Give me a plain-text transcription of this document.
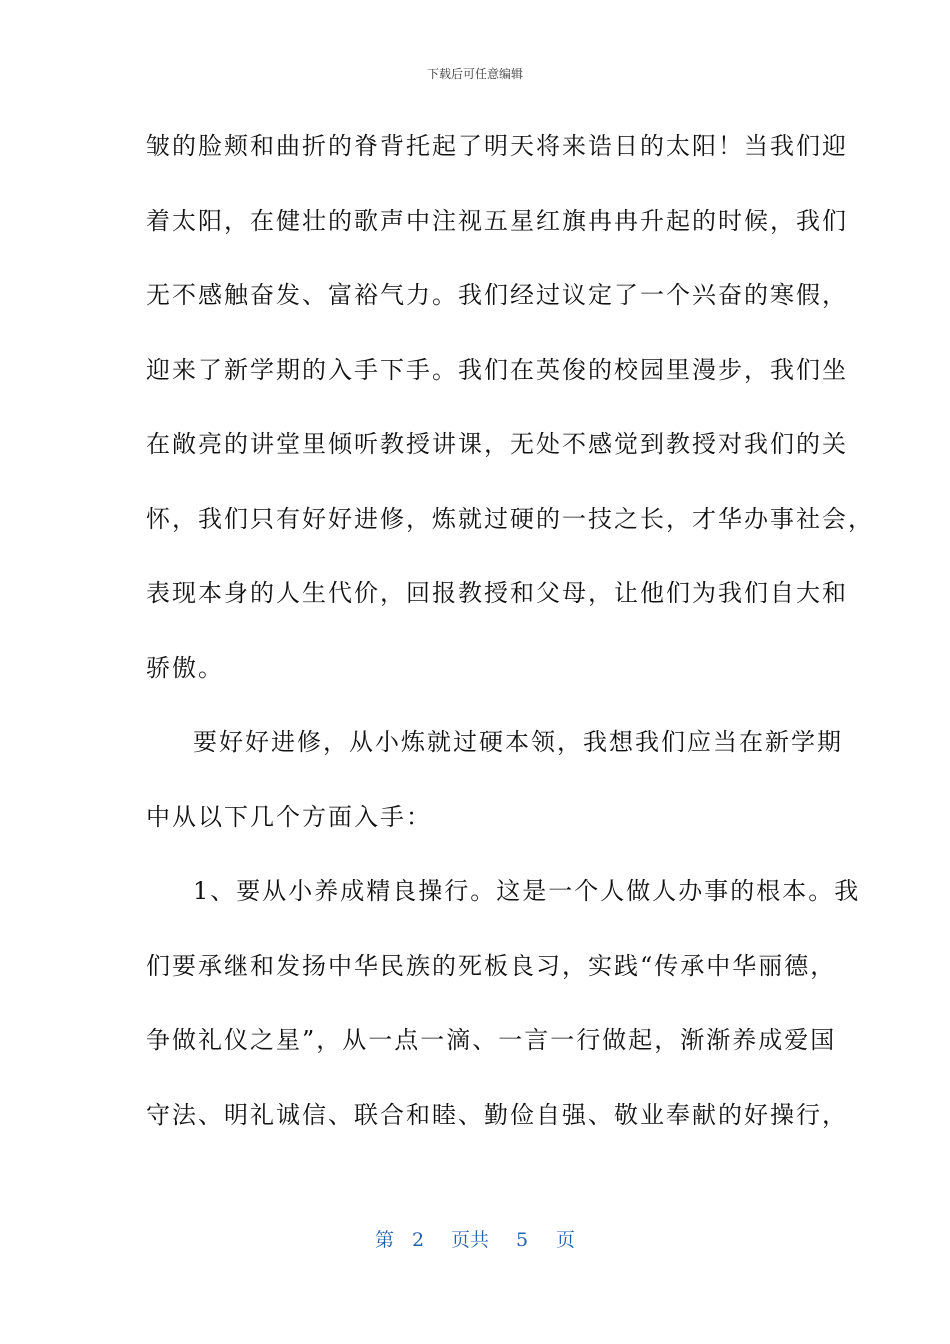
下载后可任意编辑
皱的脸颊和曲折的脊背托起了明天将来诰日的太阳！当我们迎
着太阳，在健壮的歌声中注视五星红旗冉冉升起的时候，我们
无不感触奋发、富裕气力。我们经过议定了一个兴奋的寒假，
迎来了新学期的入手下手。我们在英俊的校园里漫步，我们坐
在敞亮的讲堂里倾听教授讲课，无处不感觉到教授对我们的关
怀，我们只有好好进修，炼就过硬的一技之长，才华办事社会，
表现本身的人生代价，回报教授和父母，让他们为我们自大和
骄傲。
要好好进修，从小炼就过硬本领，我想我们应当在新学期
中从以下几个方面入手：
1、要从小养成精良操行。这是一个人做人办事的根本。我
们要承继和发扬中华民族的死板良习，实践“传承中华丽德，
争做礼仪之星”，从一点一滴、一言一行做起，渐渐养成爱国
守法、明礼诚信、联合和睦、勤俭自强、敬业奉献的好操行，
第 2 页共 5 页
